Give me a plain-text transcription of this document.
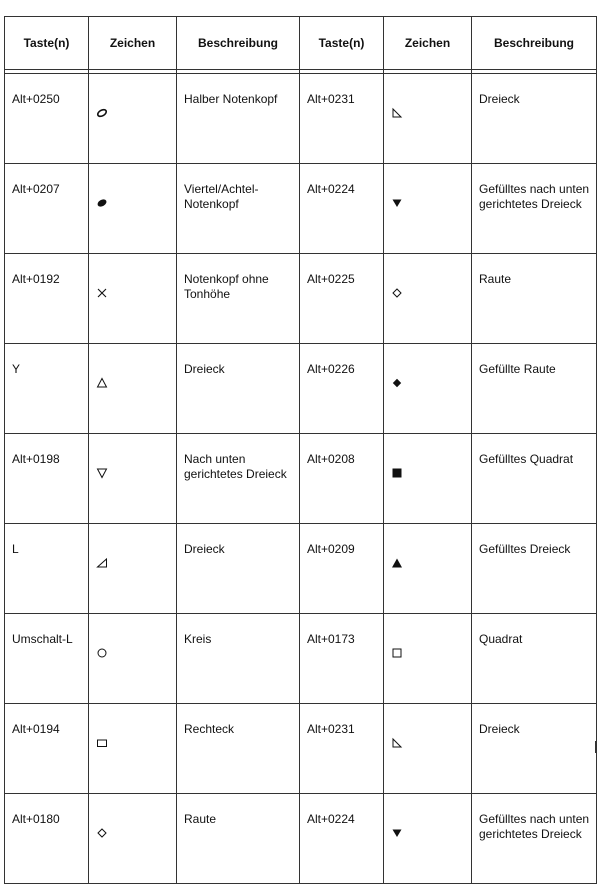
Taste(n)	Zeichen	Beschreibung	Taste(n)	Zeichen	Beschreibung

Alt+0250		Halber Notenkopf	Alt+0231		Dreieck
Alt+0207		Viertel/Achtel-Notenkopf	Alt+0224		Gefülltes nach unten gerichtetes Dreieck
Alt+0192		Notenkopf ohne Tonhöhe	Alt+0225		Raute
Y		Dreieck	Alt+0226		Gefüllte Raute
Alt+0198		Nach unten gerichtetes Dreieck	Alt+0208		Gefülltes Quadrat
L		Dreieck	Alt+0209		Gefülltes Dreieck
Umschalt-L		Kreis	Alt+0173		Quadrat
Alt+0194		Rechteck	Alt+0231		Dreieck
Alt+0180		Raute	Alt+0224		Gefülltes nach unten gerichtetes Dreieck
